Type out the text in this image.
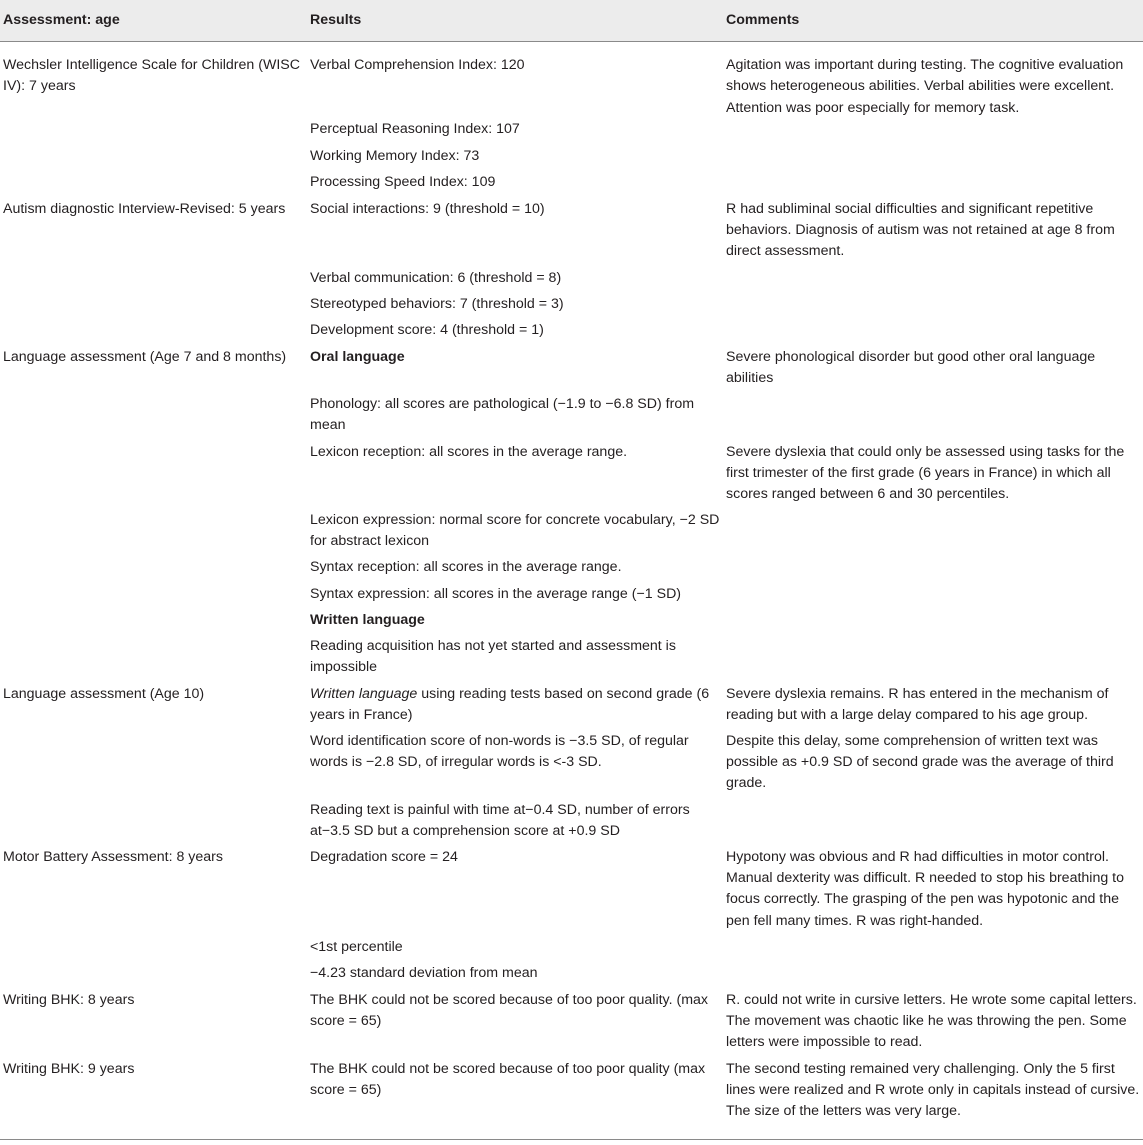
Assessment: age	Results	Comments
Wechsler Intelligence Scale for Children (WISC IV): 7 years	Verbal Comprehension Index: 120	Agitation was important during testing. The cognitive evaluation shows heterogeneous abilities. Verbal abilities were excellent. Attention was poor especially for memory task.
	Perceptual Reasoning Index: 107	
	Working Memory Index: 73	
	Processing Speed Index: 109	
Autism diagnostic Interview-Revised: 5 years	Social interactions: 9 (threshold = 10)	R had subliminal social difficulties and significant repetitive behaviors. Diagnosis of autism was not retained at age 8 from direct assessment.
	Verbal communication: 6 (threshold = 8)	
	Stereotyped behaviors: 7 (threshold = 3)	
	Development score: 4 (threshold = 1)	
Language assessment (Age 7 and 8 months)	Oral language	Severe phonological disorder but good other oral language abilities
	Phonology: all scores are pathological (−1.9 to −6.8 SD) from mean	
	Lexicon reception: all scores in the average range.	Severe dyslexia that could only be assessed using tasks for the first trimester of the first grade (6 years in France) in which all scores ranged between 6 and 30 percentiles.
	Lexicon expression: normal score for concrete vocabulary, −2 SD for abstract lexicon	
	Syntax reception: all scores in the average range.	
	Syntax expression: all scores in the average range (−1 SD)	
	Written language	
	Reading acquisition has not yet started and assessment is impossible	
Language assessment (Age 10)	Written language using reading tests based on second grade (6 years in France)	Severe dyslexia remains. R has entered in the mechanism of reading but with a large delay compared to his age group.
	Word identification score of non-words is −3.5 SD, of regular words is −2.8 SD, of irregular words is <-3 SD.	Despite this delay, some comprehension of written text was possible as +0.9 SD of second grade was the average of third grade.
	Reading text is painful with time at−0.4 SD, number of errors at−3.5 SD but a comprehension score at +0.9 SD	
Motor Battery Assessment: 8 years	Degradation score = 24	Hypotony was obvious and R had difficulties in motor control. Manual dexterity was difficult. R needed to stop his breathing to focus correctly. The grasping of the pen was hypotonic and the pen fell many times. R was right-handed.
	<1st percentile	
	−4.23 standard deviation from mean	
Writing BHK: 8 years	The BHK could not be scored because of too poor quality. (max score = 65)	R. could not write in cursive letters. He wrote some capital letters. The movement was chaotic like he was throwing the pen. Some letters were impossible to read.
Writing BHK: 9 years	The BHK could not be scored because of too poor quality (max score = 65)	The second testing remained very challenging. Only the 5 first lines were realized and R wrote only in capitals instead of cursive. The size of the letters was very large.
